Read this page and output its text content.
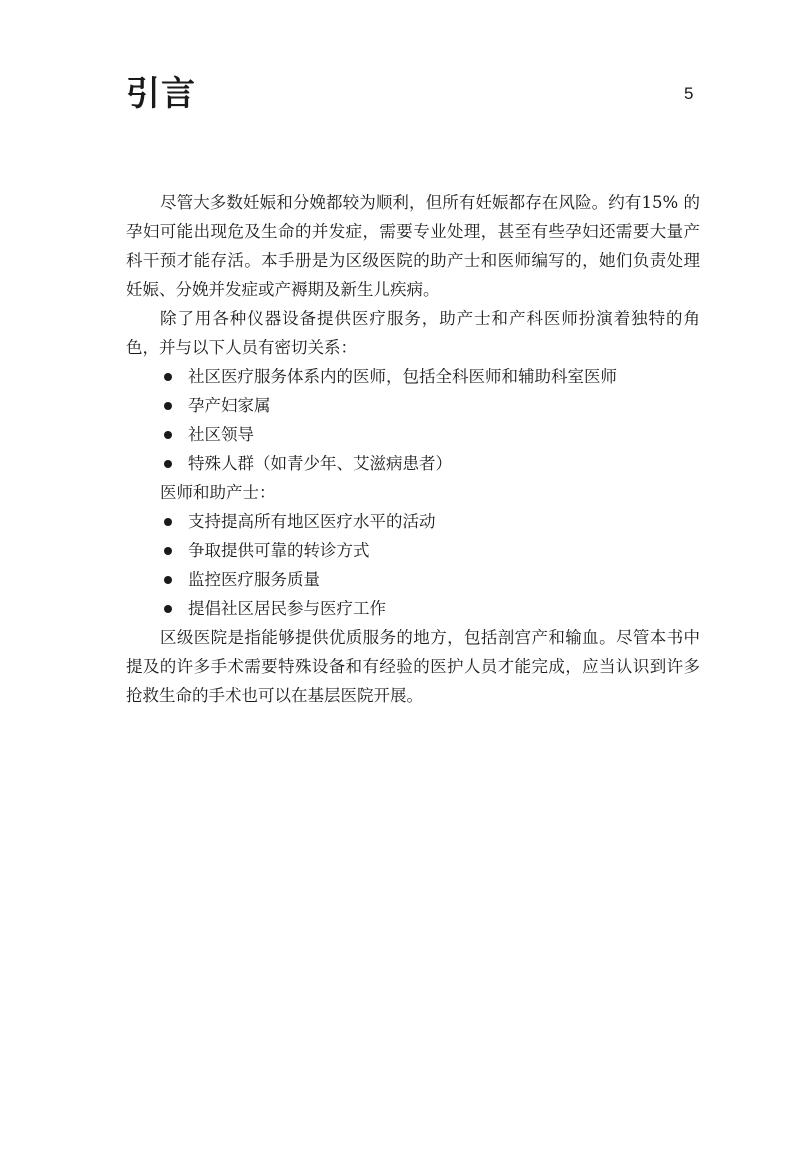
引言	5

尽管大多数妊娠和分娩都较为顺利，但所有妊娠都存在风险。约有15% 的孕妇可能出现危及生命的并发症，需要专业处理，甚至有些孕妇还需要大量产科干预才能存活。本手册是为区级医院的助产士和医师编写的，她们负责处理妊娠、分娩并发症或产褥期及新生儿疾病。

除了用各种仪器设备提供医疗服务，助产士和产科医师扮演着独特的角色，并与以下人员有密切关系：

社区医疗服务体系内的医师，包括全科医师和辅助科室医师
孕产妇家属
社区领导
特殊人群（如青少年、艾滋病患者）

医师和助产士：

支持提高所有地区医疗水平的活动
争取提供可靠的转诊方式
监控医疗服务质量
提倡社区居民参与医疗工作

区级医院是指能够提供优质服务的地方，包括剖宫产和输血。尽管本书中提及的许多手术需要特殊设备和有经验的医护人员才能完成，应当认识到许多抢救生命的手术也可以在基层医院开展。
